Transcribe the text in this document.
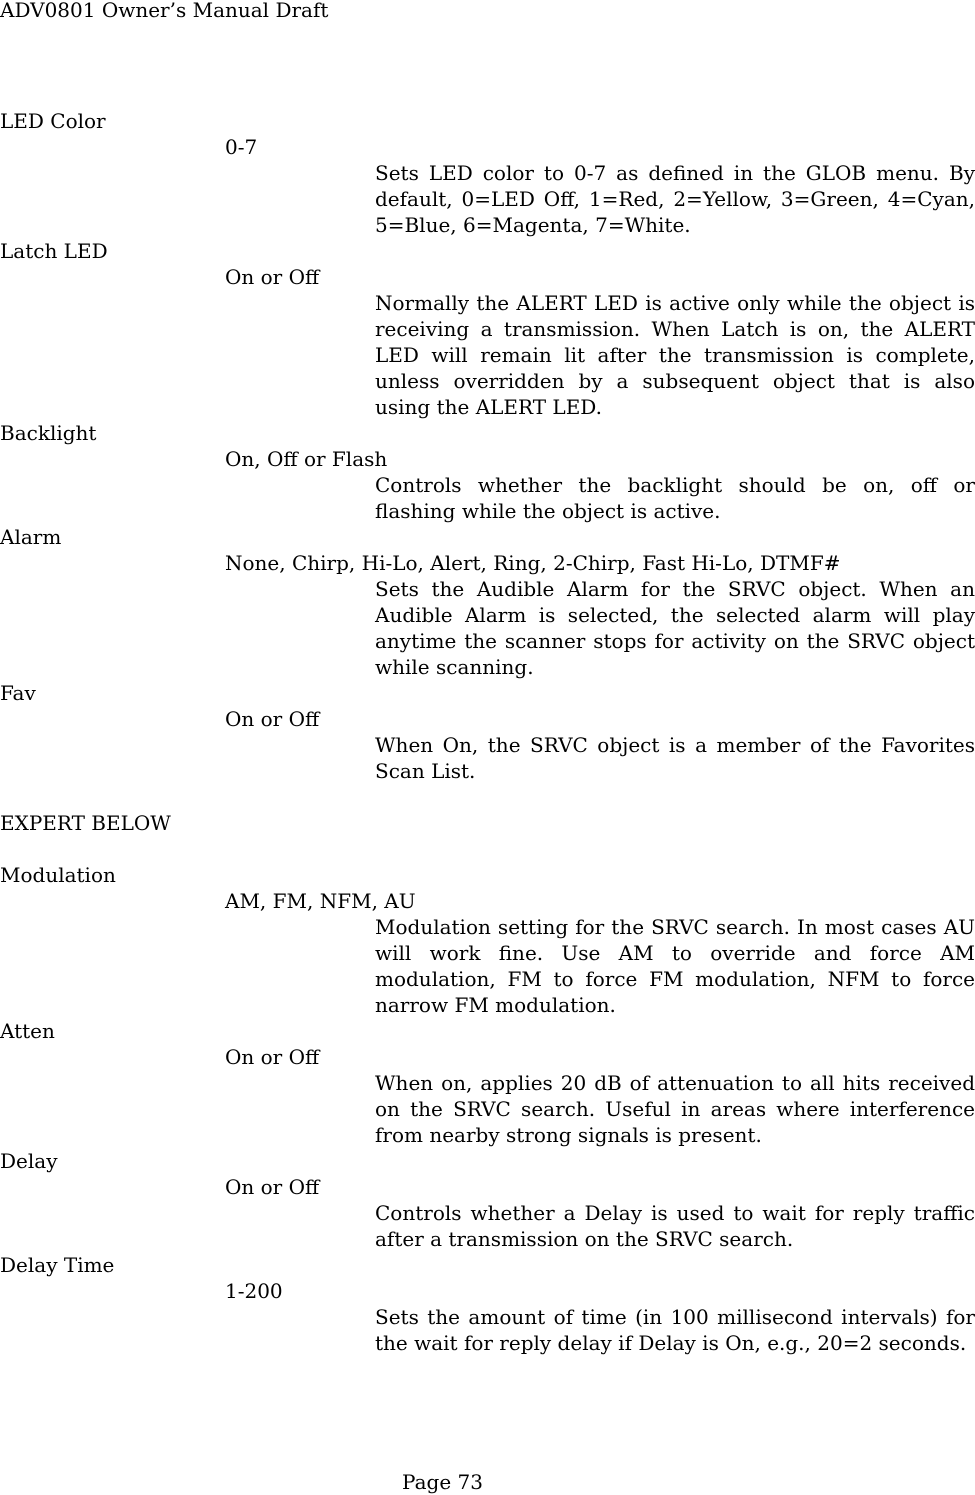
ADV0801 Owner’s Manual Draft
LED Color
0-7
Sets LED color to 0-7 as defined in the GLOB menu. By default, 0=LED Off, 1=Red, 2=Yellow, 3=Green, 4=Cyan, 5=Blue, 6=Magenta, 7=White.
Latch LED
On or Off
Normally the ALERT LED is active only while the object is receiving a transmission. When Latch is on, the ALERT LED will remain lit after the transmission is complete, unless overridden by a subsequent object that is also using the ALERT LED.
Backlight
On, Off or Flash
Controls whether the backlight should be on, off or flashing while the object is active.
Alarm
None, Chirp, Hi-Lo, Alert, Ring, 2-Chirp, Fast Hi-Lo, DTMF#
Sets the Audible Alarm for the SRVC object. When an Audible Alarm is selected, the selected alarm will play anytime the scanner stops for activity on the SRVC object while scanning.
Fav
On or Off
When On, the SRVC object is a member of the Favorites Scan List.
EXPERT BELOW
Modulation
AM, FM, NFM, AU
Modulation setting for the SRVC search. In most cases AU will work fine. Use AM to override and force AM modulation, FM to force FM modulation, NFM to force narrow FM modulation.
Atten
On or Off
When on, applies 20 dB of attenuation to all hits received on the SRVC search. Useful in areas where interference from nearby strong signals is present.
Delay
On or Off
Controls whether a Delay is used to wait for reply traffic after a transmission on the SRVC search.
Delay Time
1-200
Sets the amount of time (in 100 millisecond intervals) for the wait for reply delay if Delay is On, e.g., 20=2 seconds.
Page 73
